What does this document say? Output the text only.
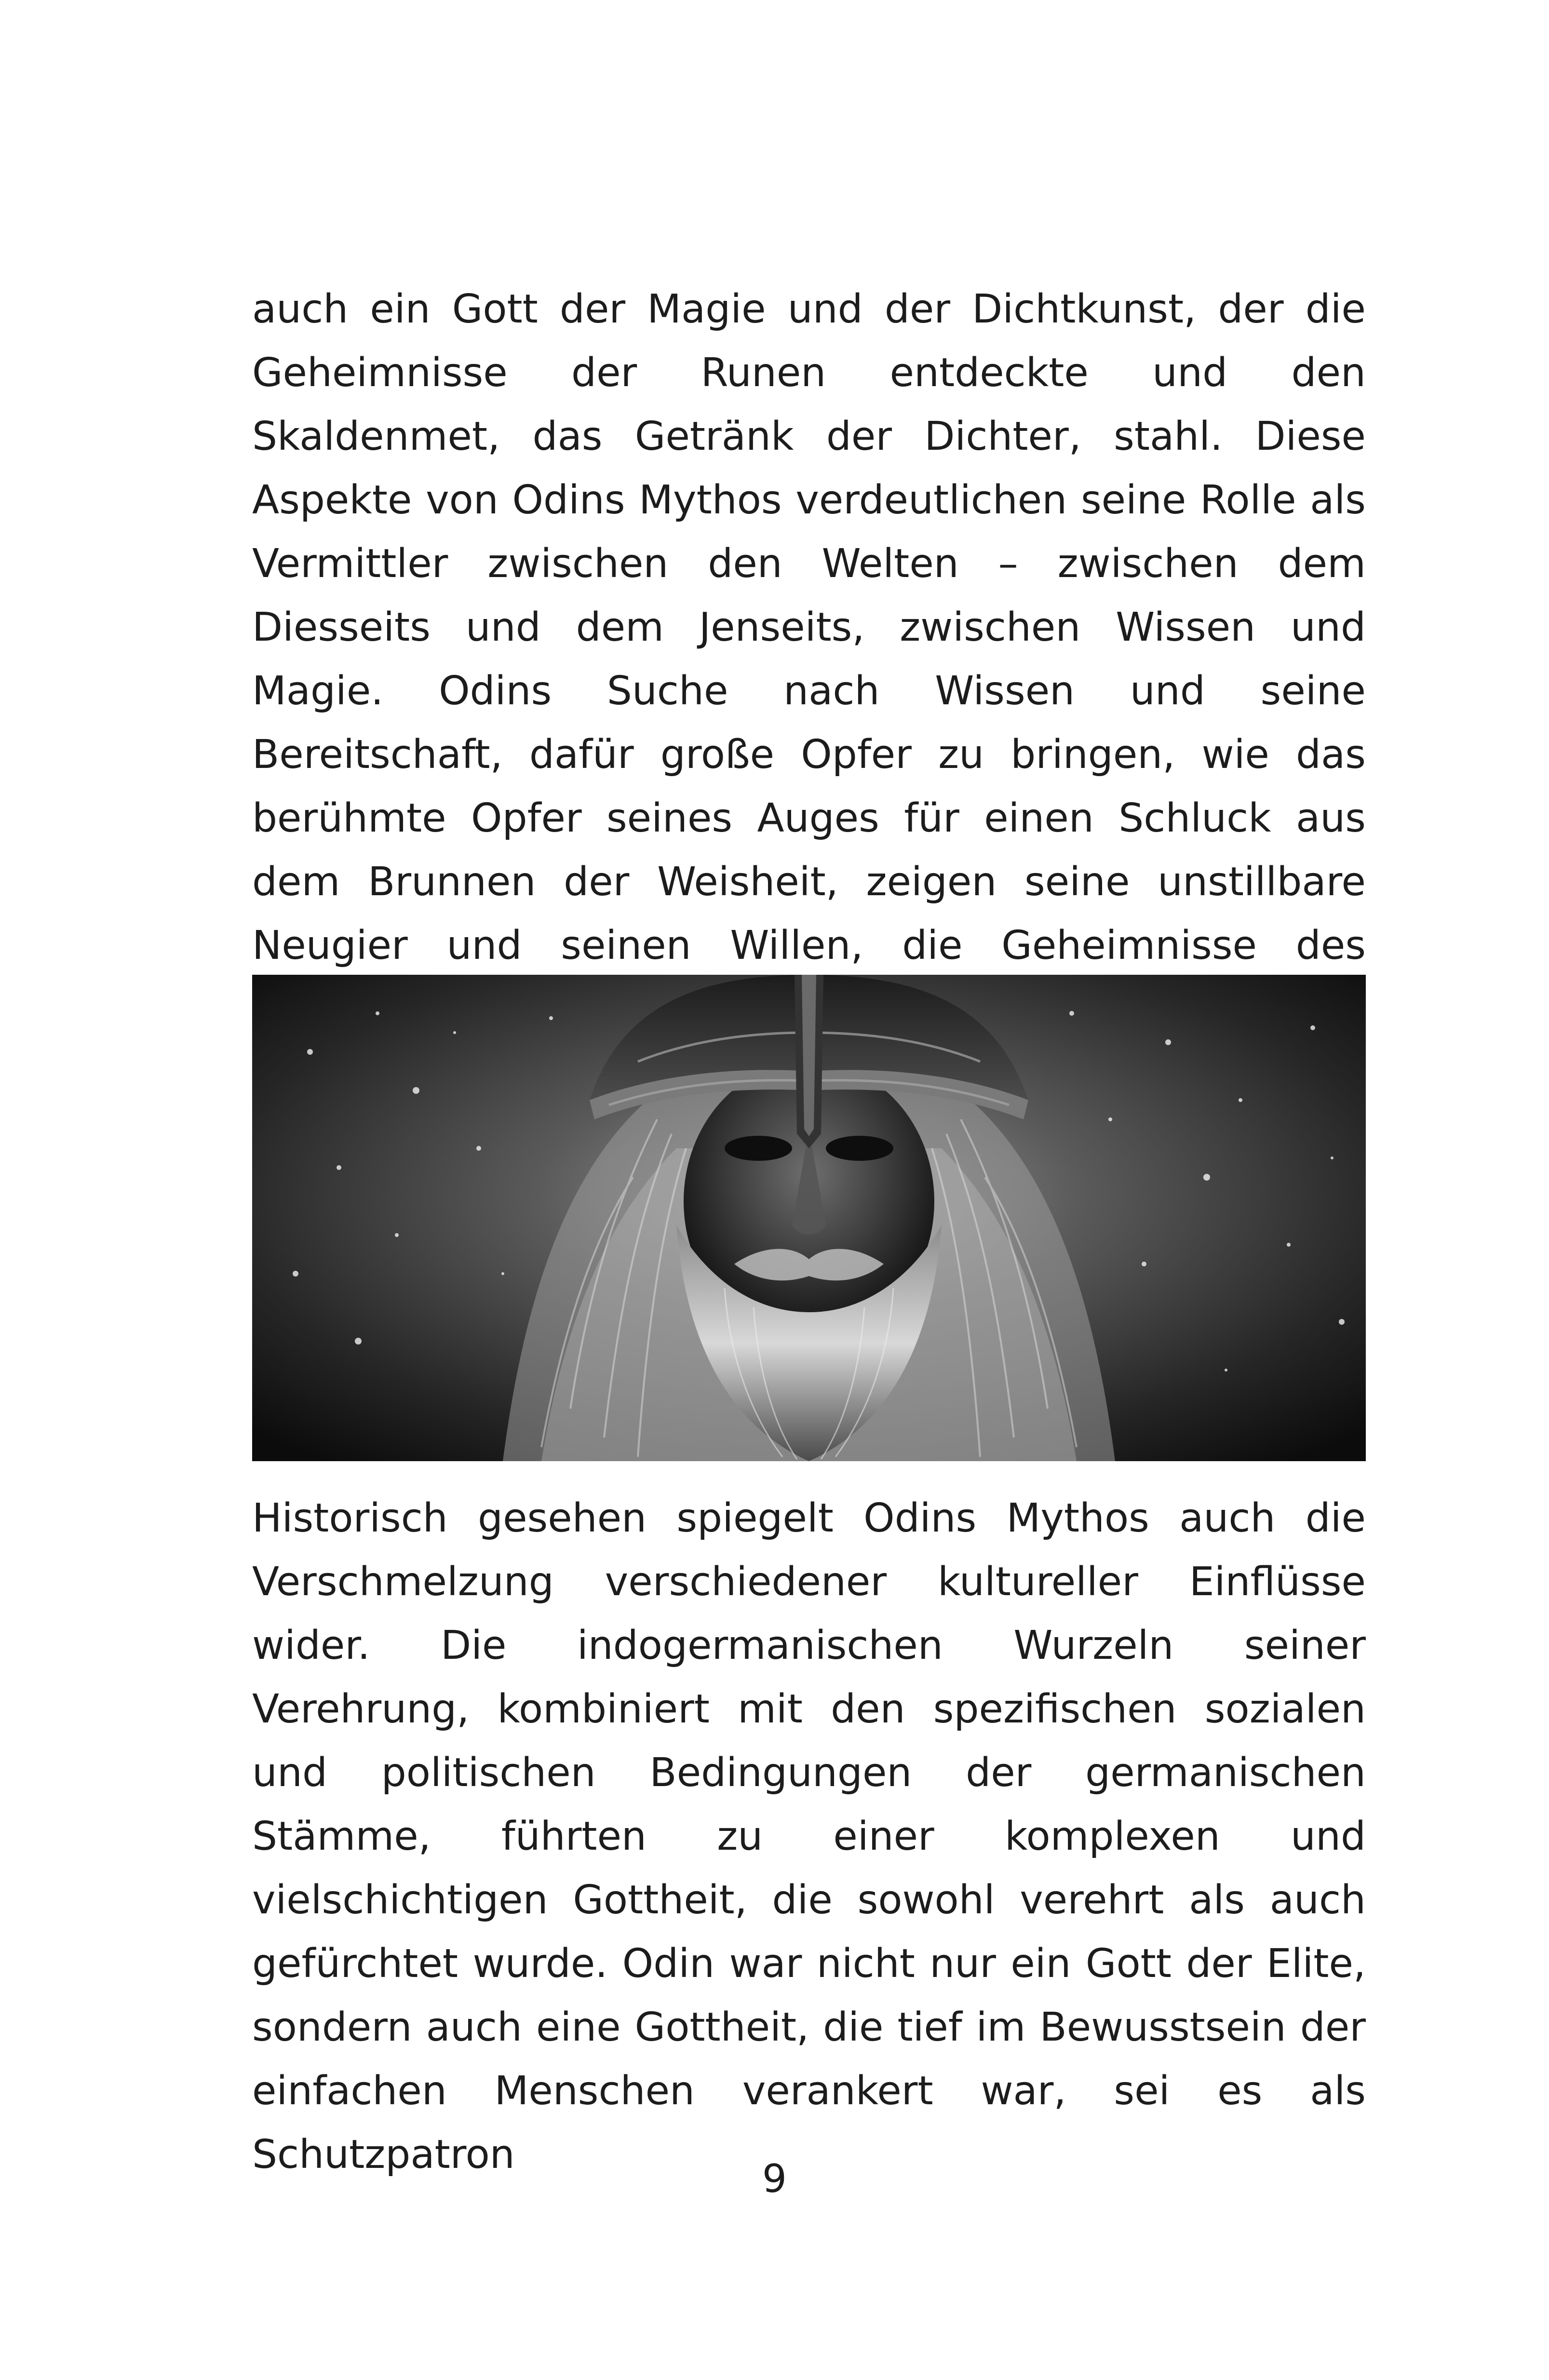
auch ein Gott der Magie und der Dichtkunst, der die Geheimnisse der Runen entdeckte und den Skaldenmet, das Getränk der Dichter, stahl. Diese Aspekte von Odins Mythos verdeutlichen seine Rolle als Vermittler zwischen den Welten – zwischen dem Diesseits und dem Jenseits, zwischen Wissen und Magie. Odins Suche nach Wissen und seine Bereitschaft, dafür große Opfer zu bringen, wie das berühmte Opfer seines Auges für einen Schluck aus dem Brunnen der Weisheit, zeigen seine unstillbare Neugier und seinen Willen, die Geheimnisse des

Historisch gesehen spiegelt Odins Mythos auch die Verschmelzung verschiedener kultureller Einflüsse wider. Die indogermanischen Wurzeln seiner Verehrung, kombiniert mit den spezifischen sozialen und politischen Bedingungen der germanischen Stämme, führten zu einer komplexen und vielschichtigen Gottheit, die sowohl verehrt als auch gefürchtet wurde. Odin war nicht nur ein Gott der Elite, sondern auch eine Gottheit, die tief im Bewusstsein der einfachen Menschen verankert war, sei es als Schutzpatron

9
